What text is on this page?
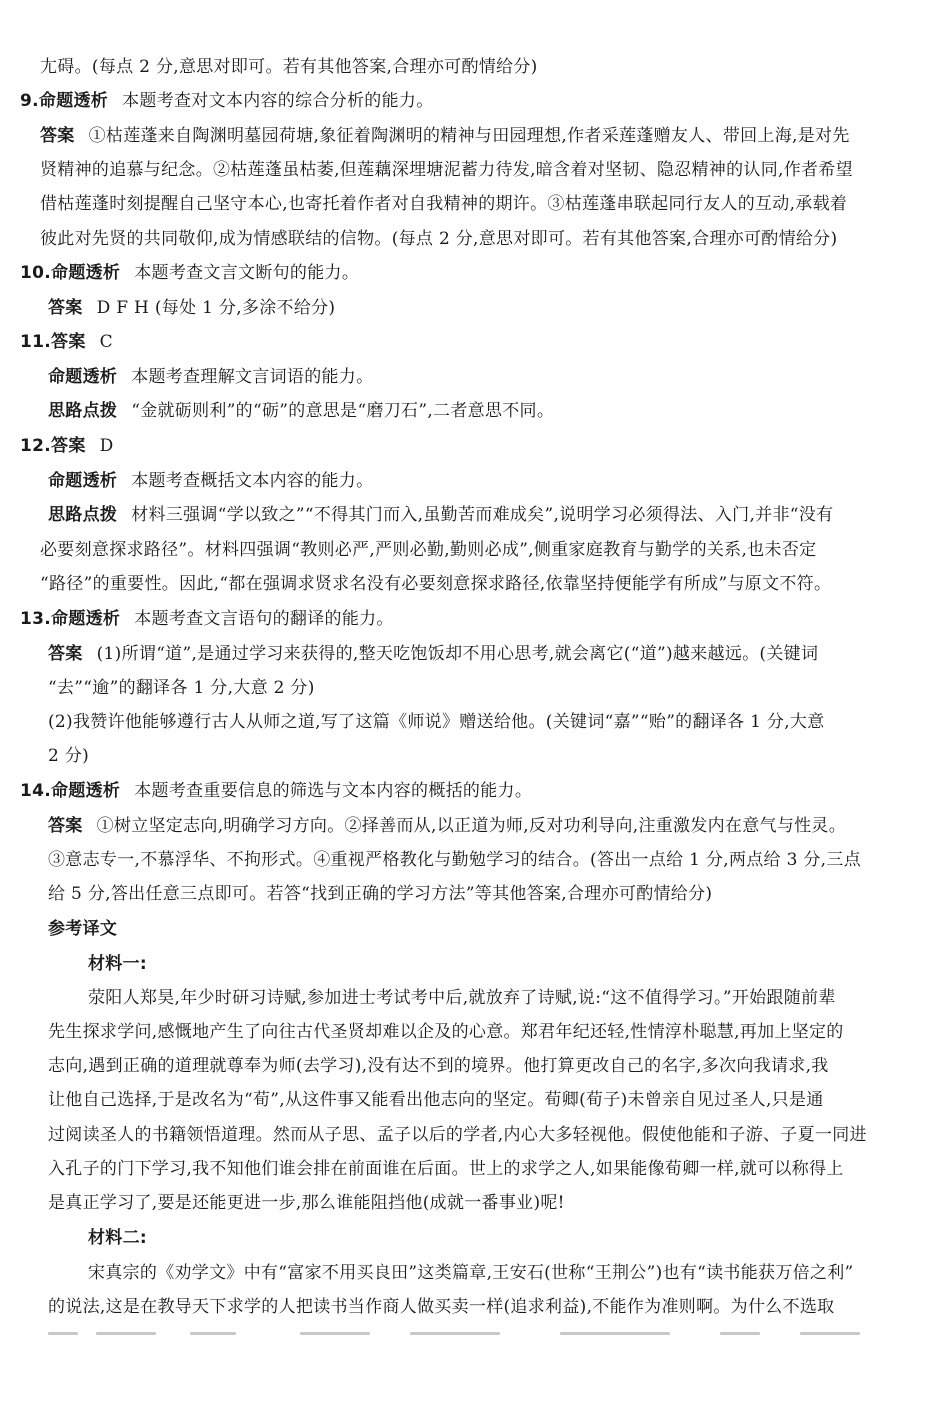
尢碍。(每点 2 分,意思对即可。若有其他答案,合理亦可酌情给分)
9.命题透析 本题考查对文本内容的综合分析的能力。
答案 ①枯莲蓬来自陶渊明墓园荷塘,象征着陶渊明的精神与田园理想,作者采莲蓬赠友人、带回上海,是对先
贤精神的追慕与纪念。②枯莲蓬虽枯萎,但莲藕深埋塘泥蓄力待发,暗含着对坚韧、隐忍精神的认同,作者希望
借枯莲蓬时刻提醒自己坚守本心,也寄托着作者对自我精神的期许。③枯莲蓬串联起同行友人的互动,承载着
彼此对先贤的共同敬仰,成为情感联结的信物。(每点 2 分,意思对即可。若有其他答案,合理亦可酌情给分)
10.命题透析 本题考查文言文断句的能力。
答案 D F H (每处 1 分,多涂不给分)
11.答案 C
命题透析 本题考查理解文言词语的能力。
思路点拨 “金就砺则利”的“砺”的意思是“磨刀石”,二者意思不同。
12.答案 D
命题透析 本题考查概括文本内容的能力。
思路点拨 材料三强调“学以致之”“不得其门而入,虽勤苦而难成矣”,说明学习必须得法、入门,并非“没有
必要刻意探求路径”。材料四强调“教则必严,严则必勤,勤则必成”,侧重家庭教育与勤学的关系,也未否定
“路径”的重要性。因此,“都在强调求贤求名没有必要刻意探求路径,依靠坚持便能学有所成”与原文不符。
13.命题透析 本题考查文言语句的翻译的能力。
答案 (1)所谓“道”,是通过学习来获得的,整天吃饱饭却不用心思考,就会离它(“道”)越来越远。(关键词
“去”“逾”的翻译各 1 分,大意 2 分)
(2)我赞许他能够遵行古人从师之道,写了这篇《师说》赠送给他。(关键词“嘉”“贻”的翻译各 1 分,大意
2 分)
14.命题透析 本题考查重要信息的筛选与文本内容的概括的能力。
答案 ①树立坚定志向,明确学习方向。②择善而从,以正道为师,反对功利导向,注重激发内在意气与性灵。
③意志专一,不慕浮华、不拘形式。④重视严格教化与勤勉学习的结合。(答出一点给 1 分,两点给 3 分,三点
给 5 分,答出任意三点即可。若答“找到正确的学习方法”等其他答案,合理亦可酌情给分)
参考译文
材料一:
荥阳人郑昊,年少时研习诗赋,参加进士考试考中后,就放弃了诗赋,说:“这不值得学习。”开始跟随前辈
先生探求学问,感慨地产生了向往古代圣贤却难以企及的心意。郑君年纪还轻,性情淳朴聪慧,再加上坚定的
志向,遇到正确的道理就尊奉为师(去学习),没有达不到的境界。他打算更改自己的名字,多次向我请求,我
让他自己选择,于是改名为“荀”,从这件事又能看出他志向的坚定。荀卿(荀子)未曾亲自见过圣人,只是通
过阅读圣人的书籍领悟道理。然而从子思、孟子以后的学者,内心大多轻视他。假使他能和子游、子夏一同进
入孔子的门下学习,我不知他们谁会排在前面谁在后面。世上的求学之人,如果能像荀卿一样,就可以称得上
是真正学习了,要是还能更进一步,那么谁能阻挡他(成就一番事业)呢!
材料二:
宋真宗的《劝学文》中有“富家不用买良田”这类篇章,王安石(世称“王荆公”)也有“读书能获万倍之利”
的说法,这是在教导天下求学的人把读书当作商人做买卖一样(追求利益),不能作为准则啊。为什么不选取
